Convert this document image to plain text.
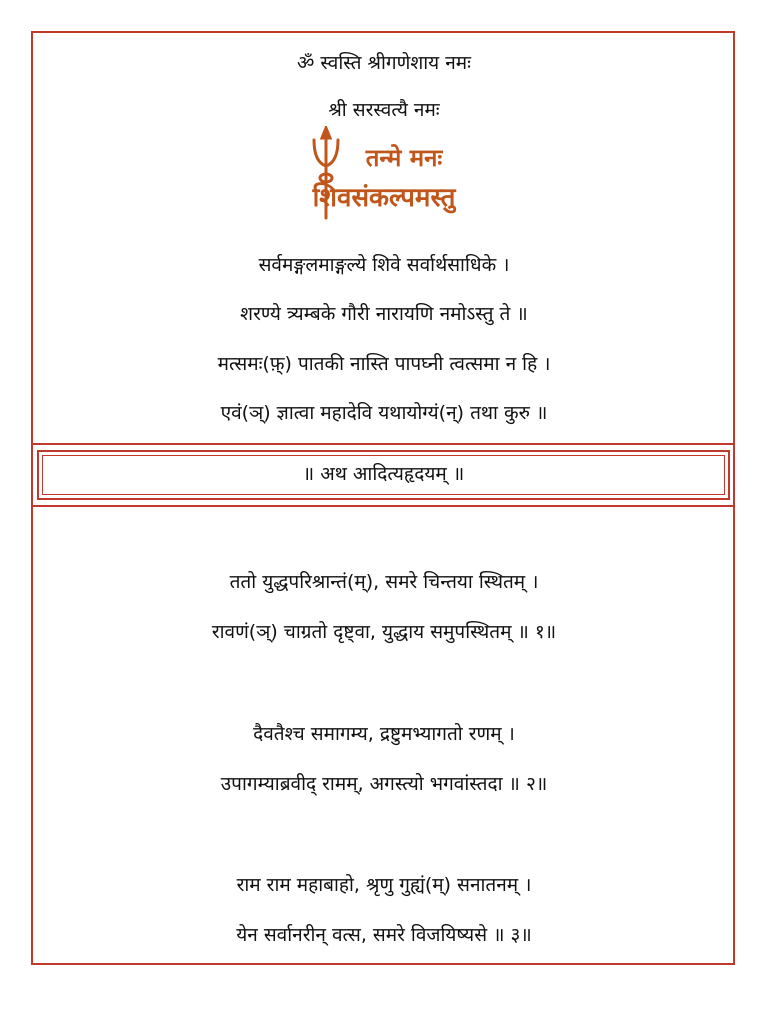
ॐ स्वस्ति श्रीगणेशाय नमः
श्री सरस्वत्यै नमः
तन्मे मनः
शिवसंकल्पमस्तु
सर्वमङ्गलमाङ्गल्ये शिवे सर्वार्थसाधिके ।
शरण्ये त्र्यम्बके गौरी नारायणि नमोऽस्तु ते ॥
मत्समः(फ़्) पातकी नास्ति पापघ्नी त्वत्समा न हि ।
एवं(ञ्) ज्ञात्वा महादेवि यथायोग्यं(न्) तथा कुरु ॥
॥ अथ आदित्यहृदयम् ॥
ततो युद्धपरिश्रान्तं(म्), समरे चिन्तया स्थितम् ।
रावणं(ञ्) चाग्रतो दृष्ट्वा, युद्धाय समुपस्थितम् ॥ १॥
दैवतैश्च समागम्य, द्रष्टुमभ्यागतो रणम् ।
उपागम्याब्रवीद् रामम्, अगस्त्यो भगवांस्तदा ॥ २॥
राम राम महाबाहो, श्रृणु गुह्यं(म्) सनातनम् ।
येन सर्वानरीन् वत्स, समरे विजयिष्यसे ॥ ३॥
